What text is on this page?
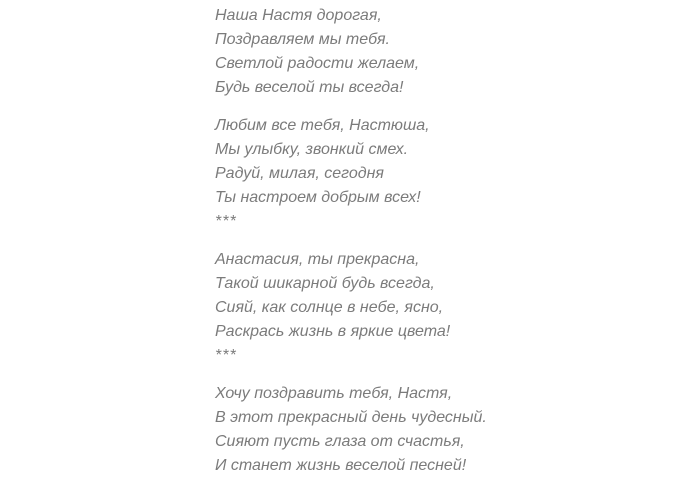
Наша Настя дорогая,
Поздравляем мы тебя.
Светлой радости желаем,
Будь веселой ты всегда!

Любим все тебя, Настюша,
Мы улыбку, звонкий смех.
Радуй, милая, сегодня
Ты настроем добрым всех!
***

Анастасия, ты прекрасна,
Такой шикарной будь всегда,
Сияй, как солнце в небе, ясно,
Раскрась жизнь в яркие цвета!
***

Хочу поздравить тебя, Настя,
В этот прекрасный день чудесный.
Сияют пусть глаза от счастья,
И станет жизнь веселой песней!
